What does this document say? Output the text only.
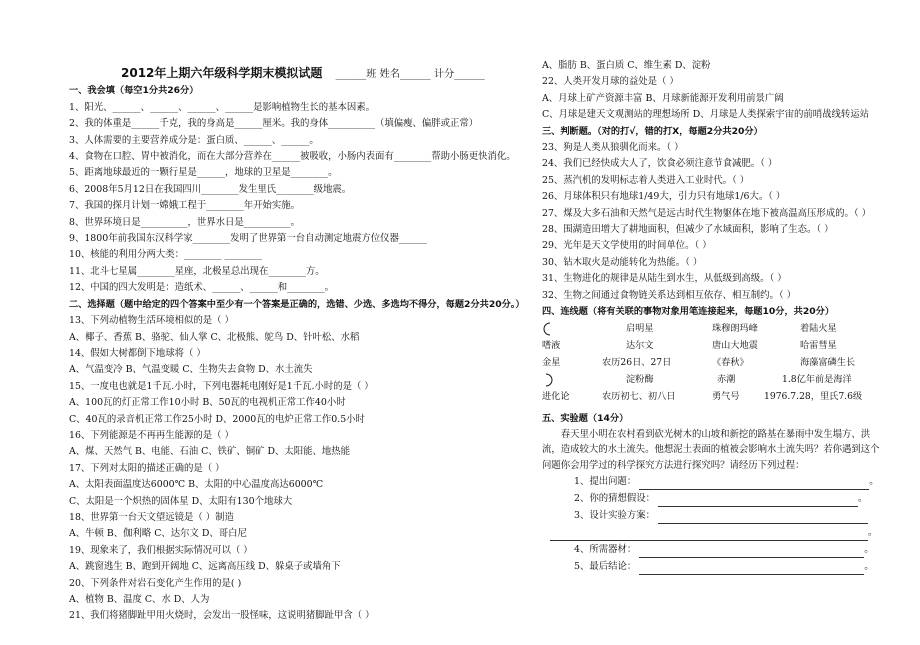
2012年上期六年级科学期末模拟试题 ______班 姓名______ 计分______
一、我会填（每空1分共26分）
1、阳光、______、______、______、______是影响植物生长的基本因素。
2、我的体重是______千克，我的身高是______厘米。我的身体__________（填偏瘦、偏胖或正常）
3、人体需要的主要营养成分是：蛋白质、______、______。
4、食物在口腔、胃中被消化，而在大部分营养在______被吸收，小肠内表面有________帮助小肠更快消化。
5、距离地球最近的一颗行星是______，地球的卫星是________。
6、2008年5月12日在我国四川________发生里氏________级地震。
7、我国的探月计划一嫦娥工程于________年开始实施。
8、世界环境日是__________，世界水日是__________。
9、1800年前我国东汉科学家________发明了世界第一台自动测定地震方位仪器______
10、核能的利用分两大类：________ ________
11、北斗七星属________星座，北极星总出现在________方。
12、中国的四大发明是：造纸术、______、______和________。
二、选择题（题中给定的四个答案中至少有一个答案是正确的，选错、少选、多选均不得分，每题2分共20分。）
13、下列动植物生活环境相似的是（ ）
A、椰子、香蕉 B、骆驼、仙人掌 C、北极熊、鸵鸟 D、针叶松、水稻
14、假如大树都倒下地球将（ ）
A、气温变冷 B、气温变暖 C、生物失去食物 D、水土流失
15、一度电也就是1千瓦.小时，下列电器耗电刚好是1千瓦.小时的是（ ）
A、100瓦的灯正常工作10小时 B、50瓦的电视机正常工作40小时
C、40瓦的录音机正常工作25小时 D、2000瓦的电炉正常工作0.5小时
16、下列能源是不再再生能源的是（ ）
A、煤、天然气 B、电能、石油 C、铁矿、铜矿 D、太阳能、地热能
17、下列对太阳的描述正确的是（ ）
A、太阳表面温度达6000℃ B、太阳的中心温度高达6000℃
C、太阳是一个炽热的固体星 D、太阳有130个地球大
18、世界第一台天文望远镜是（ ）制造
A、牛顿 B、伽利略 C、达尔文 D、哥白尼
19、现象来了，我们根据实际情况可以（ ）
A、跳窗逃生 B、跑到开阔地 C、远离高压线 D、躲桌子或墙角下
20、下列条件对岩石变化产生作用的是( )
A、植物 B、温度 C、水 D、人为
21、我们将猪脚趾甲用火烧时，会发出一股怪味，这说明猪脚趾甲含（ ）
A、脂肪 B、蛋白质 C、维生素 D、淀粉
22、人类开发月球的益处是（ ）
A、月球上矿产资源丰富 B、月球新能源开发利用前景广阔
C、月球是建天文观测站的理想场所 D、月球是人类探索宇宙的前哨战线转运站
三、判断题。（对的打√，错的打Ⅹ，每题2分共20分）
23、狗是人类从狼驯化而来。（ ）
24、我们已经快成大人了，饮食必须注意节食减肥。（ ）
25、蒸汽机的发明标志着人类进入工业时代。（ ）
26、月球体积只有地球1/49大，引力只有地球1/6大。（ ）
27、煤及大多石油和天然气是远古时代生物躯体在地下被高温高压形成的。（ ）
28、围湖造田增大了耕地面积，但减少了水域面积，影响了生态。（ ）
29、光年是天文学使用的时间单位。（ ）
30、钻木取火是动能转化为热能。（ ）
31、生物进化的规律是从陆生到水生，从低级到高级。（ ）
32、生物之间通过食物链关系达到相互依存、相互制约。（ ）
四、连线题（将有关联的事物对象用笔连接起来，每题10分，共20分）
启明星	珠穆朗玛峰	着陆火星
嗜液	达尔文	唐山大地震	哈雷彗星
金星	农历26日、27日	《春秋》	海藻富磷生长
淀粉酶	赤潮	1.8亿年前是海洋
进化论	农历初七、初八日	勇气号	1976.7.28，里氏7.6级
五、实验题（14分）
春天里小明在农村看到砍光树木的山坡和新挖的路基在暴雨中发生塌方、洪流，造成较大的水土流失。他想泥土表面的植被会影响水土流失吗？若你遇到这个问题你会用学过的科学探究方法进行探究吗？请经历下列过程：
1、提出问题：	。
2、你的猜想假设：	。
3、设计实验方案：
。
4、所需器材：	。
5、最后结论：	。
